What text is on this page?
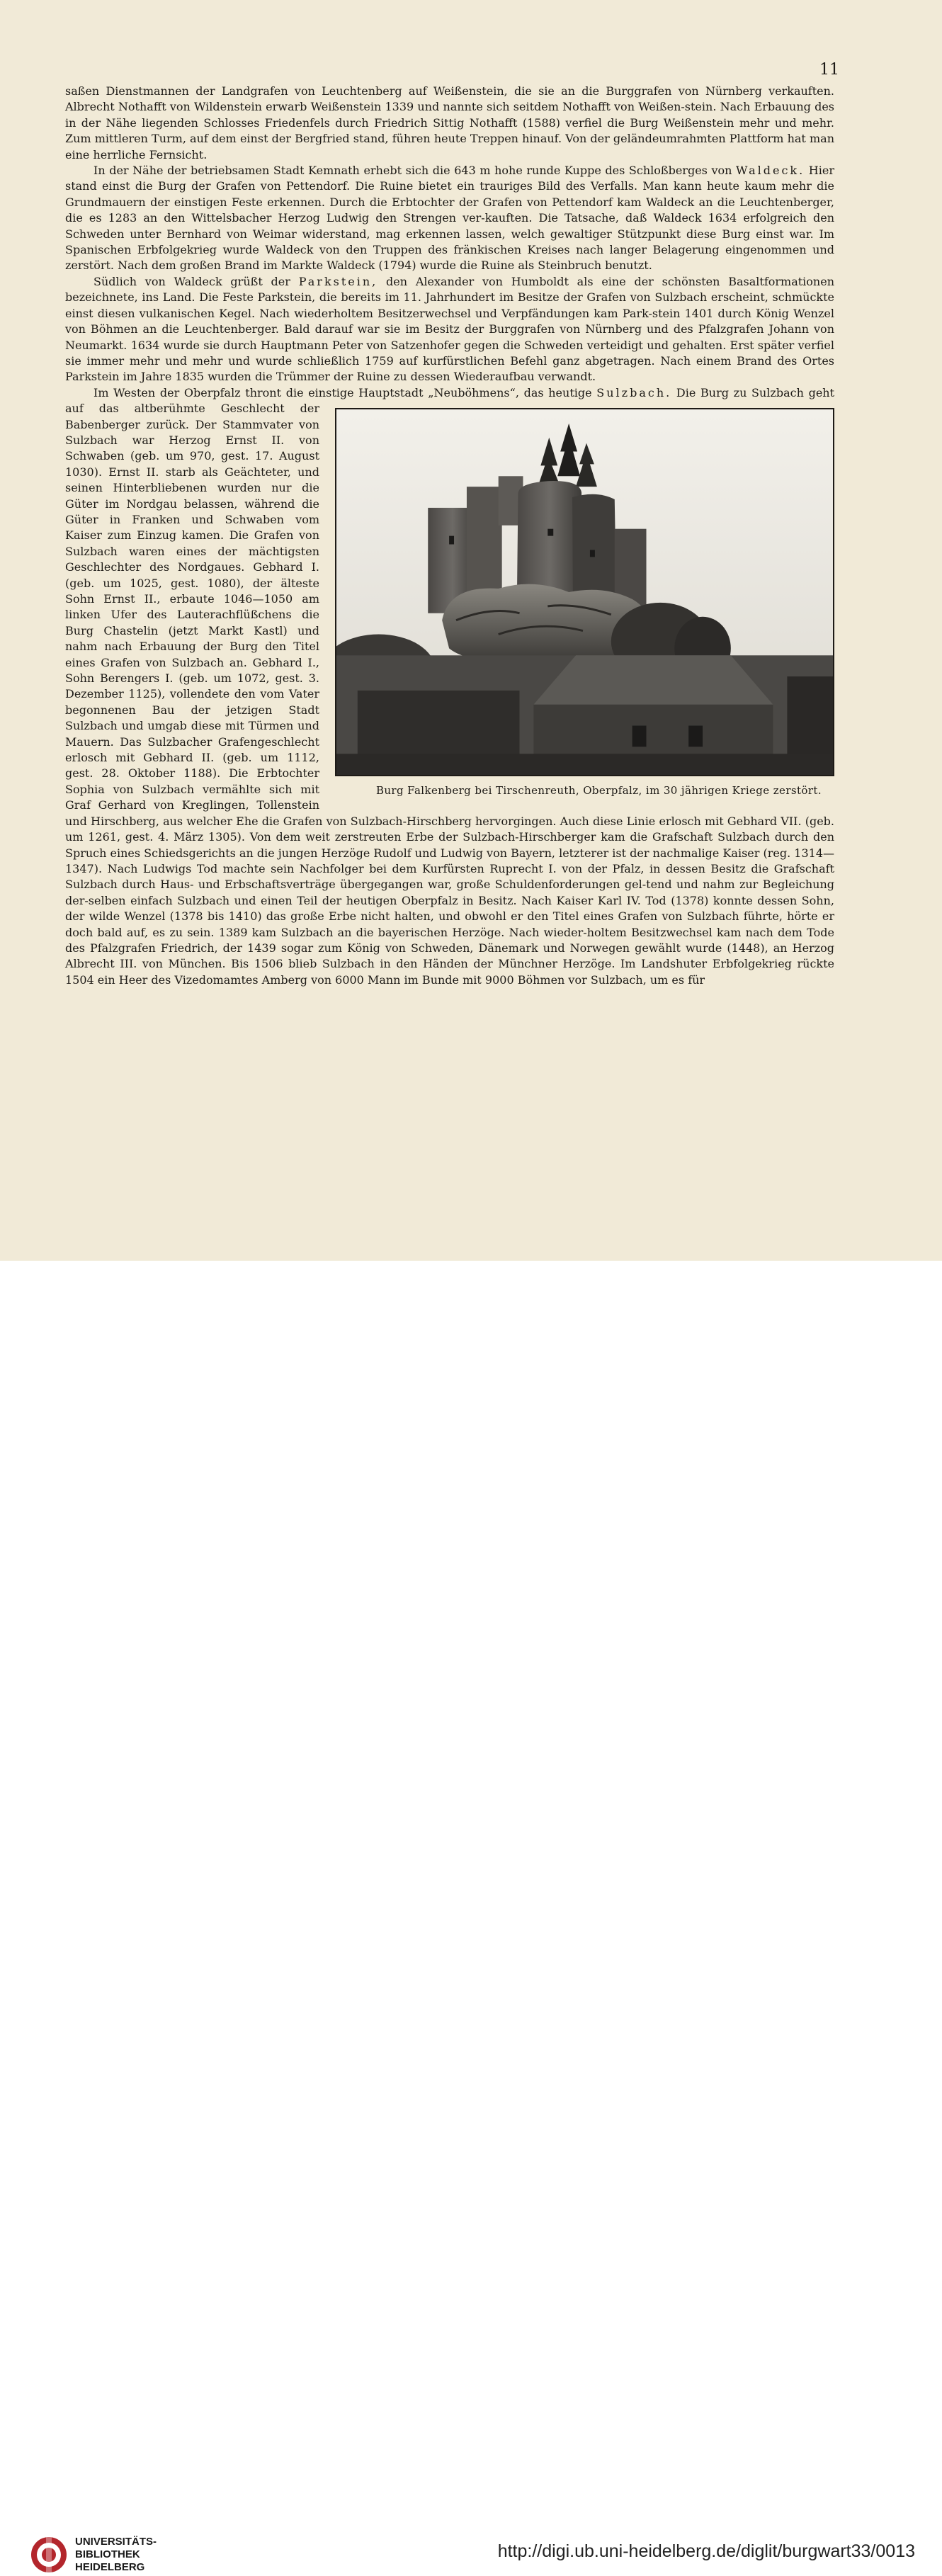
11

saßen Dienstmannen der Landgrafen von Leuchtenberg auf Weißenstein, die sie an die Burggrafen von Nürnberg verkauften. Albrecht Nothafft von Wildenstein erwarb Weißenstein 1339 und nannte sich seitdem Nothafft von Weißen-stein. Nach Erbauung des in der Nähe liegenden Schlosses Friedenfels durch Friedrich Sittig Nothafft (1588) verfiel die Burg Weißenstein mehr und mehr. Zum mittleren Turm, auf dem einst der Bergfried stand, führen heute Treppen hinauf. Von der geländeumrahmten Plattform hat man eine herrliche Fernsicht.

In der Nähe der betriebsamen Stadt Kemnath erhebt sich die 643 m hohe runde Kuppe des Schloßberges von Waldeck. Hier stand einst die Burg der Grafen von Pettendorf. Die Ruine bietet ein trauriges Bild des Verfalls. Man kann heute kaum mehr die Grundmauern der einstigen Feste erkennen. Durch die Erbtochter der Grafen von Pettendorf kam Waldeck an die Leuchtenberger, die es 1283 an den Wittelsbacher Herzog Ludwig den Strengen ver-kauften. Die Tatsache, daß Waldeck 1634 erfolgreich den Schweden unter Bernhard von Weimar widerstand, mag erkennen lassen, welch gewaltiger Stützpunkt diese Burg einst war. Im Spanischen Erbfolgekrieg wurde Waldeck von den Truppen des fränkischen Kreises nach langer Belagerung eingenommen und zerstört. Nach dem großen Brand im Markte Waldeck (1794) wurde die Ruine als Steinbruch benutzt.

Südlich von Waldeck grüßt der Parkstein, den Alexander von Humboldt als eine der schönsten Basaltformationen bezeichnete, ins Land. Die Feste Parkstein, die bereits im 11. Jahrhundert im Besitze der Grafen von Sulzbach erscheint, schmückte einst diesen vulkanischen Kegel. Nach wiederholtem Besitzerwechsel und Verpfändungen kam Park-stein 1401 durch König Wenzel von Böhmen an die Leuchtenberger. Bald darauf war sie im Besitz der Burggrafen von Nürnberg und des Pfalzgrafen Johann von Neumarkt. 1634 wurde sie durch Hauptmann Peter von Satzenhofer gegen die Schweden verteidigt und gehalten. Erst später verfiel sie immer mehr und mehr und wurde schließlich 1759 auf kurfürstlichen Befehl ganz abgetragen. Nach einem Brand des Ortes Parkstein im Jahre 1835 wurden die Trümmer der Ruine zu dessen Wiederaufbau verwandt.

Im Westen der Oberpfalz thront die einstige Hauptstadt „Neuböhmens“, das heutige Sulzbach.
Burg Falkenberg bei Tirschenreuth, Oberpfalz, im 30 jährigen Kriege zerstört.
Die Burg zu Sulzbach geht auf das altberühmte Geschlecht der Babenberger zurück. Der Stammvater von Sulzbach war Herzog Ernst II. von Schwaben (geb. um 970, gest. 17. August 1030). Ernst II. starb als Geächteter, und seinen Hinterbliebenen wurden nur die Güter im Nordgau belassen, während die Güter in Franken und Schwaben vom Kaiser zum Einzug kamen. Die Grafen von Sulzbach waren eines der mächtigsten Geschlechter des Nordgaues. Gebhard I. (geb. um 1025, gest. 1080), der älteste Sohn Ernst II., erbaute 1046—1050 am linken Ufer des Lauterachflüßchens die Burg Chastelin (jetzt Markt Kastl) und nahm nach Erbauung der Burg den Titel eines Grafen von Sulzbach an. Gebhard I., Sohn Berengers I. (geb. um 1072, gest. 3. Dezember 1125), vollendete den vom Vater begonnenen Bau der jetzigen Stadt Sulzbach und umgab diese mit Türmen und Mauern. Das Sulzbacher Grafengeschlecht erlosch mit Gebhard II. (geb. um 1112, gest. 28. Oktober 1188). Die Erbtochter Sophia von Sulzbach vermählte sich mit Graf Gerhard von Kreglingen, Tollenstein und Hirschberg, aus welcher Ehe die Grafen von Sulzbach-Hirschberg hervorgingen. Auch diese Linie erlosch mit Gebhard VII. (geb. um 1261, gest. 4. März 1305). Von dem weit zerstreuten Erbe der Sulzbach-Hirschberger kam die Grafschaft Sulzbach durch den Spruch eines Schiedsgerichts an die jungen Herzöge Rudolf und Ludwig von Bayern, letzterer ist der nachmalige Kaiser (reg. 1314—1347). Nach Ludwigs Tod machte sein Nachfolger bei dem Kurfürsten Ruprecht I. von der Pfalz, in dessen Besitz die Grafschaft Sulzbach durch Haus- und Erbschaftsverträge übergegangen war, große Schuldenforderungen gel-tend und nahm zur Begleichung der-selben einfach Sulzbach und einen Teil der heutigen Oberpfalz in Besitz. Nach Kaiser Karl IV. Tod (1378) konnte dessen Sohn, der wilde Wenzel (1378 bis 1410) das große Erbe nicht halten, und obwohl er den Titel eines Grafen von Sulzbach führte, hörte er doch bald auf, es zu sein. 1389 kam Sulzbach an die bayerischen Herzöge. Nach wieder-holtem Besitzwechsel kam nach dem Tode des Pfalzgrafen Friedrich, der 1439 sogar zum König von Schweden, Dänemark und Norwegen gewählt wurde (1448), an Herzog Albrecht III. von München. Bis 1506 blieb Sulzbach in den Händen der Münchner Herzöge. Im Landshuter Erbfolgekrieg rückte 1504 ein Heer des Vizedomamtes Amberg von 6000 Mann im Bunde mit 9000 Böhmen vor Sulzbach, um es für

UNIVERSITÄTS-
BIBLIOTHEK
HEIDELBERG
http://digi.ub.uni-heidelberg.de/diglit/burgwart33/0013
